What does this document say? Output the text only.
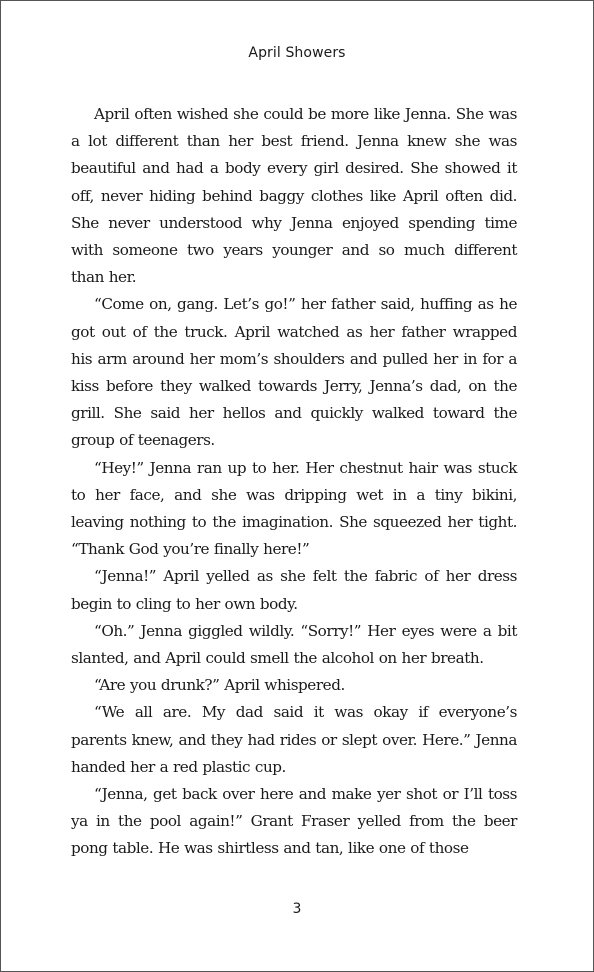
April Showers

April often wished she could be more like Jenna. She was a lot different than her best friend. Jenna knew she was beautiful and had a body every girl desired. She showed it off, never hiding behind baggy clothes like April often did. She never understood why Jenna enjoyed spending time with someone two years younger and so much different than her.

“Come on, gang. Let’s go!” her father said, huffing as he got out of the truck. April watched as her father wrapped his arm around her mom’s shoulders and pulled her in for a kiss before they walked towards Jerry, Jenna’s dad, on the grill. She said her hellos and quickly walked toward the group of teenagers.

“Hey!” Jenna ran up to her. Her chestnut hair was stuck to her face, and she was dripping wet in a tiny bikini, leaving nothing to the imagination. She squeezed her tight. “Thank God you’re finally here!”

“Jenna!” April yelled as she felt the fabric of her dress begin to cling to her own body.

“Oh.” Jenna giggled wildly. “Sorry!” Her eyes were a bit slanted, and April could smell the alcohol on her breath.

“Are you drunk?” April whispered.

“We all are. My dad said it was okay if everyone’s parents knew, and they had rides or slept over. Here.” Jenna handed her a red plastic cup.

“Jenna, get back over here and make yer shot or I’ll toss ya in the pool again!” Grant Fraser yelled from the beer pong table. He was shirtless and tan, like one of those

3
